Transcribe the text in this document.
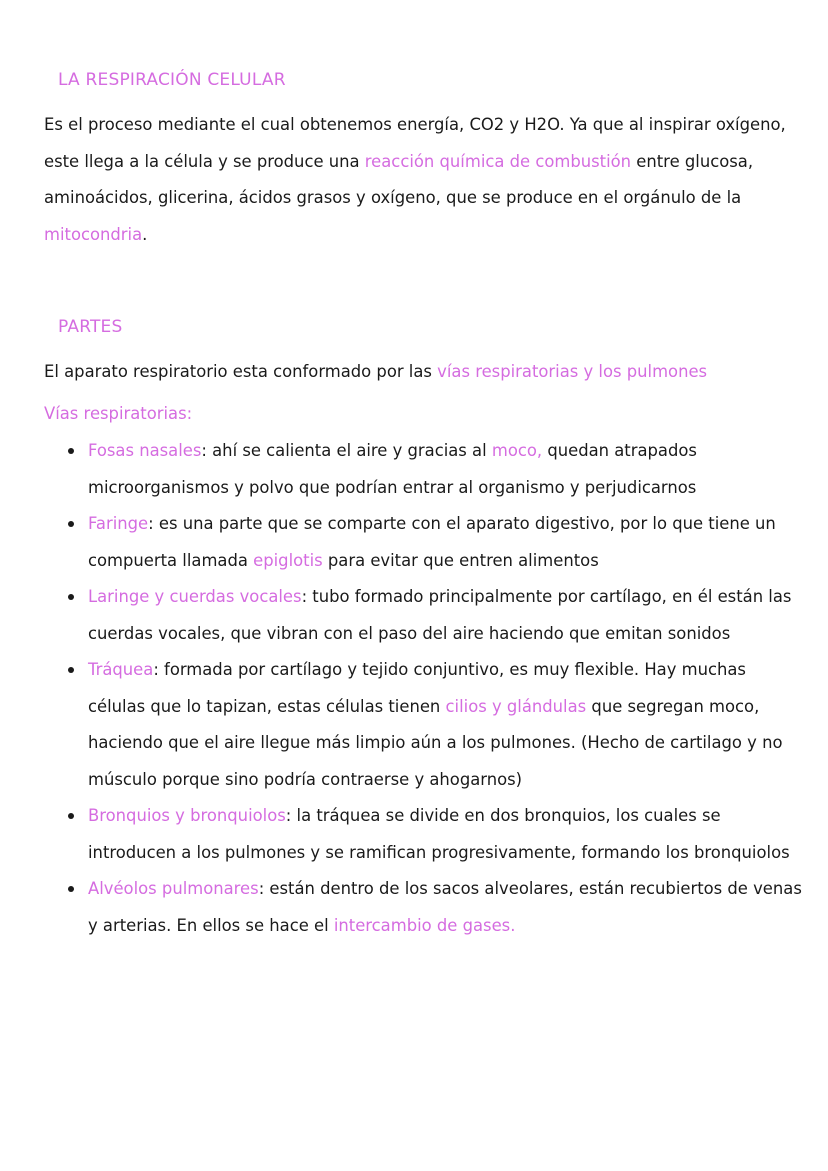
LA RESPIRACIÓN CELULAR

Es el proceso mediante el cual obtenemos energía, CO2 y H2O. Ya que al inspirar oxígeno, este llega a la célula y se produce una reacción química de combustión entre glucosa, aminoácidos, glicerina, ácidos grasos y oxígeno, que se produce en el orgánulo de la mitocondria.

PARTES

El aparato respiratorio esta conformado por las vías respiratorias y los pulmones

Vías respiratorias:

Fosas nasales: ahí se calienta el aire y gracias al moco, quedan atrapados microorganismos y polvo que podrían entrar al organismo y perjudicarnos
Faringe: es una parte que se comparte con el aparato digestivo, por lo que tiene un compuerta llamada epiglotis para evitar que entren alimentos
Laringe y cuerdas vocales: tubo formado principalmente por cartílago, en él están las cuerdas vocales, que vibran con el paso del aire haciendo que emitan sonidos
Tráquea: formada por cartílago y tejido conjuntivo, es muy flexible. Hay muchas células que lo tapizan, estas células tienen cilios y glándulas que segregan moco, haciendo que el aire llegue más limpio aún a los pulmones. (Hecho de cartilago y no músculo porque sino podría contraerse y ahogarnos)
Bronquios y bronquiolos: la tráquea se divide en dos bronquios, los cuales se introducen a los pulmones y se ramifican progresivamente, formando los bronquiolos
Alvéolos pulmonares: están dentro de los sacos alveolares, están recubiertos de venas y arterias. En ellos se hace el intercambio de gases.
